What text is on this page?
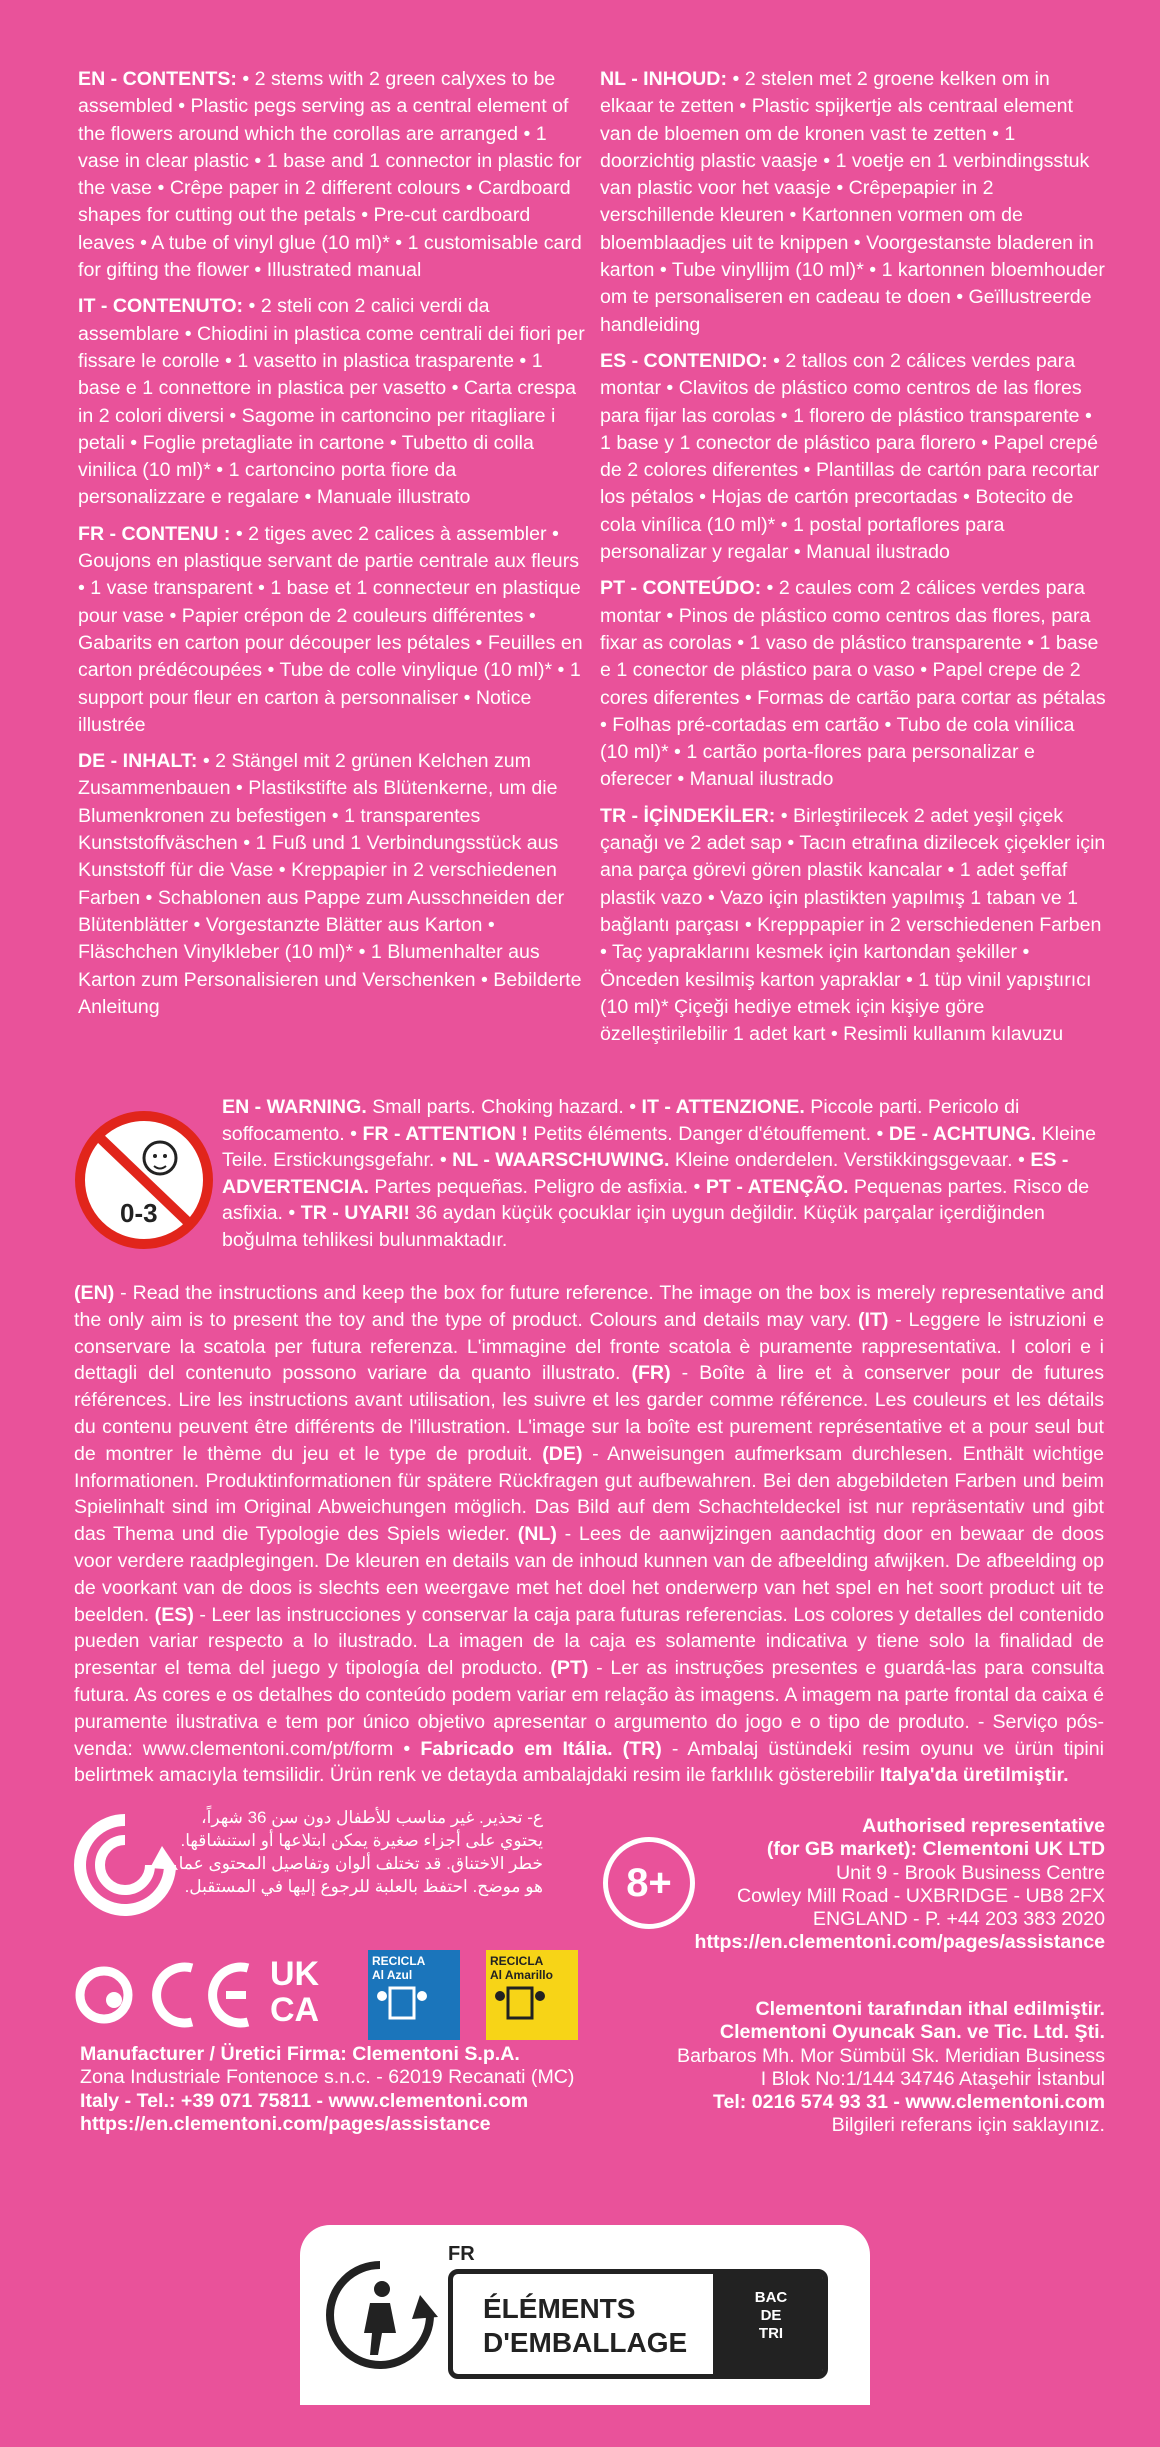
EN - CONTENTS: • 2 stems with 2 green calyxes to be assembled • Plastic pegs serving as a central element of the flowers around which the corollas are arranged • 1 vase in clear plastic • 1 base and 1 connector in plastic for the vase • Crêpe paper in 2 different colours • Cardboard shapes for cutting out the petals • Pre-cut cardboard leaves • A tube of vinyl glue (10 ml)* • 1 customisable card for gifting the flower • Illustrated manual

IT - CONTENUTO: • 2 steli con 2 calici verdi da assemblare • Chiodini in plastica come centrali dei fiori per fissare le corolle • 1 vasetto in plastica trasparente • 1 base e 1 connettore in plastica per vasetto • Carta crespa in 2 colori diversi • Sagome in cartoncino per ritagliare i petali • Foglie pretagliate in cartone • Tubetto di colla vinilica (10 ml)* • 1 cartoncino porta fiore da personalizzare e regalare • Manuale illustrato

FR - CONTENU : • 2 tiges avec 2 calices à assembler • Goujons en plastique servant de partie centrale aux fleurs • 1 vase transparent • 1 base et 1 connecteur en plastique pour vase • Papier crépon de 2 couleurs différentes • Gabarits en carton pour découper les pétales • Feuilles en carton prédécoupées • Tube de colle vinylique (10 ml)* • 1 support pour fleur en carton à personnaliser • Notice illustrée

DE - INHALT: • 2 Stängel mit 2 grünen Kelchen zum Zusammenbauen • Plastikstifte als Blütenkerne, um die Blumenkronen zu befestigen • 1 transparentes Kunststoffväschen • 1 Fuß und 1 Verbindungsstück aus Kunststoff für die Vase • Kreppapier in 2 verschiedenen Farben • Schablonen aus Pappe zum Ausschneiden der Blütenblätter • Vorgestanzte Blätter aus Karton • Fläschchen Vinylkleber (10 ml)* • 1 Blumenhalter aus Karton zum Personalisieren und Verschenken • Bebilderte Anleitung

NL - INHOUD: • 2 stelen met 2 groene kelken om in elkaar te zetten • Plastic spijkertje als centraal element van de bloemen om de kronen vast te zetten • 1 doorzichtig plastic vaasje • 1 voetje en 1 verbindingsstuk van plastic voor het vaasje • Crêpepapier in 2 verschillende kleuren • Kartonnen vormen om de bloemblaadjes uit te knippen • Voorgestanste bladeren in karton • Tube vinyllijm (10 ml)* • 1 kartonnen bloemhouder om te personaliseren en cadeau te doen • Geïllustreerde handleiding

ES - CONTENIDO: • 2 tallos con 2 cálices verdes para montar • Clavitos de plástico como centros de las flores para fijar las corolas • 1 florero de plástico transparente • 1 base y 1 conector de plástico para florero • Papel crepé de 2 colores diferentes • Plantillas de cartón para recortar los pétalos • Hojas de cartón precortadas • Botecito de cola vinílica (10 ml)* • 1 postal portaflores para personalizar y regalar • Manual ilustrado

PT - CONTEÚDO: • 2 caules com 2 cálices verdes para montar • Pinos de plástico como centros das flores, para fixar as corolas • 1 vaso de plástico transparente • 1 base e 1 conector de plástico para o vaso • Papel crepe de 2 cores diferentes • Formas de cartão para cortar as pétalas • Folhas pré-cortadas em cartão • Tubo de cola vinílica (10 ml)* • 1 cartão porta-flores para personalizar e oferecer • Manual ilustrado

TR - İÇİNDEKİLER: • Birleştirilecek 2 adet yeşil çiçek çanağı ve 2 adet sap • Tacın etrafına dizilecek çiçekler için ana parça görevi gören plastik kancalar • 1 adet şeffaf plastik vazo • Vazo için plastikten yapılmış 1 taban ve 1 bağlantı parçası • Krepppapier in 2 verschiedenen Farben • Taç yapraklarını kesmek için kartondan şekiller • Önceden kesilmiş karton yapraklar • 1 tüp vinil yapıştırıcı (10 ml)* Çiçeği hediye etmek için kişiye göre özelleştirilebilir 1 adet kart • Resimli kullanım kılavuzu

0-3
EN - WARNING. Small parts. Choking hazard. • IT - ATTENZIONE. Piccole parti. Pericolo di soffocamento. • FR - ATTENTION ! Petits éléments. Danger d'étouffement. • DE - ACHTUNG. Kleine Teile. Erstickungsgefahr. • NL - WAARSCHUWING. Kleine onderdelen. Verstikkingsgevaar. • ES - ADVERTENCIA. Partes pequeñas. Peligro de asfixia. • PT - ATENÇÃO. Pequenas partes. Risco de asfixia. • TR - UYARI! 36 aydan küçük çocuklar için uygun değildir. Küçük parçalar içerdiğinden boğulma tehlikesi bulunmaktadır.
(EN) - Read the instructions and keep the box for future reference. The image on the box is merely representative and the only aim is to present the toy and the type of product. Colours and details may vary. (IT) - Leggere le istruzioni e conservare la scatola per futura referenza. L'immagine del fronte scatola è puramente rappresentativa. I colori e i dettagli del contenuto possono variare da quanto illustrato. (FR) - Boîte à lire et à conserver pour de futures références. Lire les instructions avant utilisation, les suivre et les garder comme référence. Les couleurs et les détails du contenu peuvent être différents de l'illustration. L'image sur la boîte est purement représentative et a pour seul but de montrer le thème du jeu et le type de produit. (DE) - Anweisungen aufmerksam durchlesen. Enthält wichtige Informationen. Produktinformationen für spätere Rückfragen gut aufbewahren. Bei den abgebildeten Farben und beim Spielinhalt sind im Original Abweichungen möglich. Das Bild auf dem Schachteldeckel ist nur repräsentativ und gibt das Thema und die Typologie des Spiels wieder. (NL) - Lees de aanwijzingen aandachtig door en bewaar de doos voor verdere raadplegingen. De kleuren en details van de inhoud kunnen van de afbeelding afwijken. De afbeelding op de voorkant van de doos is slechts een weergave met het doel het onderwerp van het spel en het soort product uit te beelden. (ES) - Leer las instrucciones y conservar la caja para futuras referencias. Los colores y detalles del contenido pueden variar respecto a lo ilustrado. La imagen de la caja es solamente indicativa y tiene solo la finalidad de presentar el tema del juego y tipología del producto. (PT) - Ler as instruções presentes e guardá-las para consulta futura. As cores e os detalhes do conteúdo podem variar em relação às imagens. A imagem na parte frontal da caixa é puramente ilustrativa e tem por único objetivo apresentar o argumento do jogo e o tipo de produto. - Serviço pós-venda: www.clementoni.com/pt/form • Fabricado em Itália. (TR) - Ambalaj üstündeki resim oyunu ve ürün tipini belirtmek amacıyla temsilidir. Ürün renk ve detayda ambalajdaki resim ile farklılık gösterebilir Italya'da üretilmiştir.
ع- تحذير. غير مناسب للأطفال دون سن 36 شهراً، يحتوي على أجزاء صغيرة يمكن ابتلاعها أو استنشاقها. خطر الاختناق. قد تختلف ألوان وتفاصيل المحتوى عما هو موضح. احتفظ بالعلبة للرجوع إليها في المستقبل.	8+
Authorised representative
(for GB market): Clementoni UK LTD
Unit 9 - Brook Business Centre
Cowley Mill Road - UXBRIDGE - UB8 2FX
ENGLAND - P. +44 203 383 2020
https://en.clementoni.com/pages/assistance
UK
CA
RECICLA
Al Azul
RECICLA
Al Amarillo
Manufacturer / Üretici Firma: Clementoni S.p.A.
Zona Industriale Fontenoce s.n.c. - 62019 Recanati (MC)
Italy - Tel.: +39 071 75811 - www.clementoni.com
https://en.clementoni.com/pages/assistance
Clementoni tarafından ithal edilmiştir.
Clementoni Oyuncak San. ve Tic. Ltd. Şti.
Barbaros Mh. Mor Sümbül Sk. Meridian Business
I Blok No:1/144 34746 Ataşehir İstanbul
Tel: 0216 574 93 31 - www.clementoni.com
Bilgileri referans için saklayınız.
FR
ÉLÉMENTS
D'EMBALLAGE
BAC
DE
TRI
